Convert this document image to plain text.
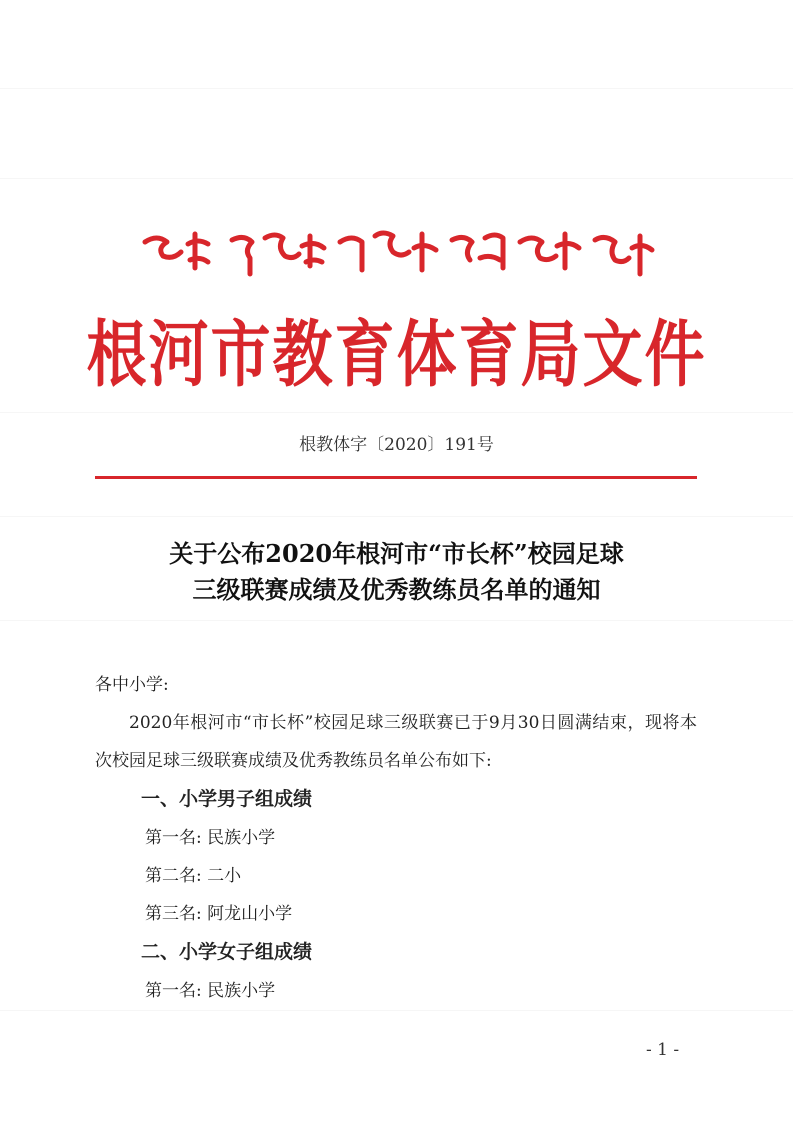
根河市教育体育局文件
根教体字〔2020〕191号
关于公布2020年根河市“市长杯”校园足球
三级联赛成绩及优秀教练员名单的通知

各中小学:

2020年根河市“市长杯”校园足球三级联赛已于9月30日圆满结束，现将本次校园足球三级联赛成绩及优秀教练员名单公布如下:

一、小学男子组成绩

第一名: 民族小学

第二名: 二小

第三名: 阿龙山小学

二、小学女子组成绩

第一名: 民族小学

- 1 -
